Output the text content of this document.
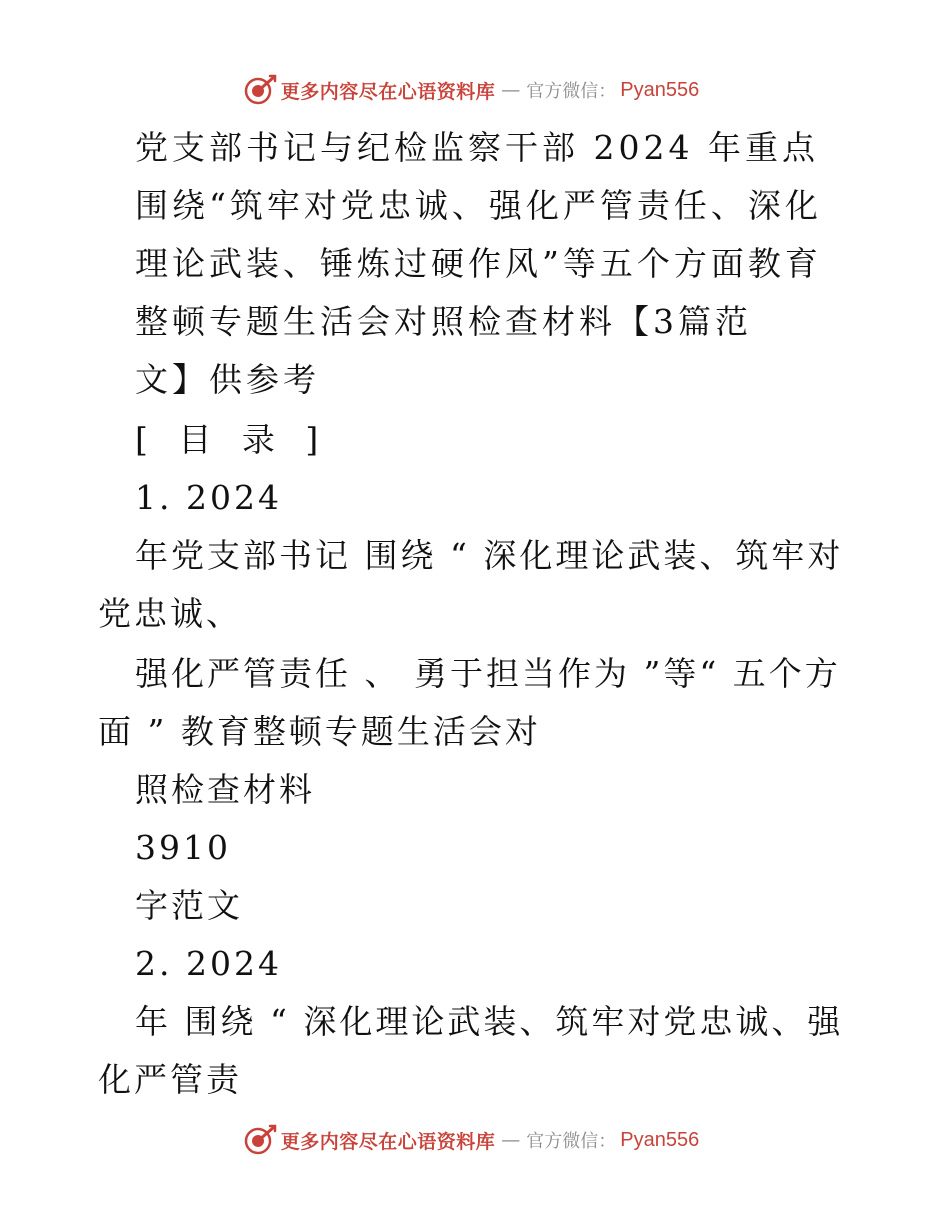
更多内容尽在心语资料库 — 官方微信： Pyan556
党支部书记与纪检监察干部 2024 年重点
围绕“筑牢对党忠诚、强化严管责任、深化
理论武装、锤炼过硬作风”等五个方面教育
整顿专题生活会对照检查材料【3篇范
文】供参考
[ 目 录 ]
1. 2024
年党支部书记 围绕 “ 深化理论武装、筑牢对
党忠诚、
强化严管责任 、 勇于担当作为 ”等“ 五个方
面 ” 教育整顿专题生活会对
照检查材料
3910
字范文
2. 2024
年 围绕 “ 深化理论武装、筑牢对党忠诚、强
化严管责
更多内容尽在心语资料库 — 官方微信： Pyan556
